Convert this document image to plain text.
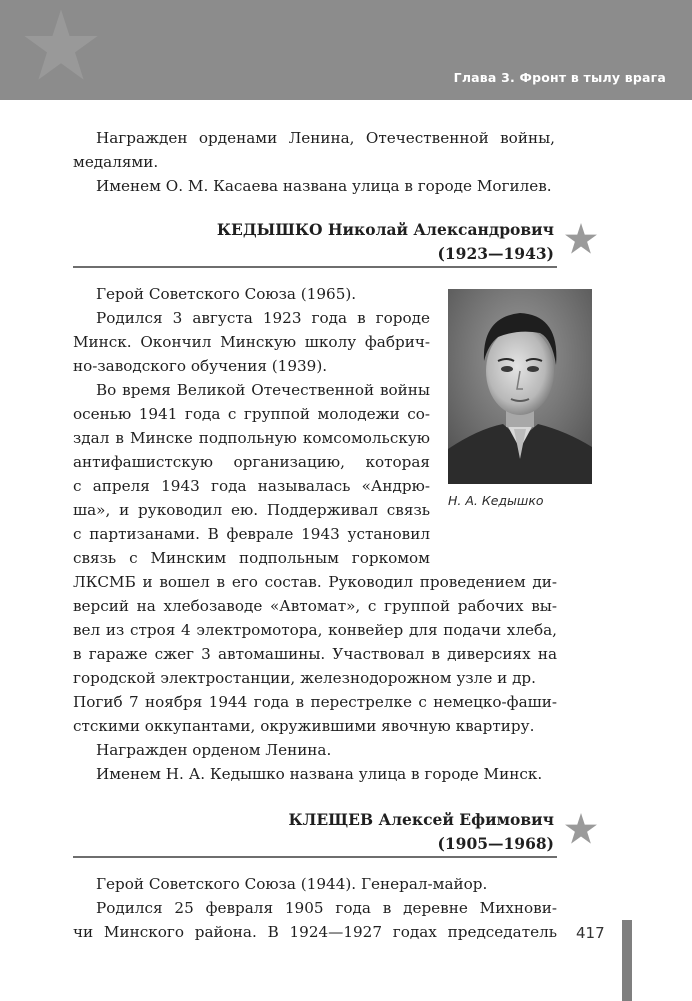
Глава 3. Фронт в тылу врага
Награжден орденами Ленина, Отечественной войны,
медалями.
Именем О. М. Касаева названа улица в городе Могилев.
КЕДЫШКО Николай Александрович
(1923—1943)
Н. А. Кедышко
Герой Советского Союза (1965).
Родился 3 августа 1923 года в городе
Минск. Окончил Минскую школу фабрич-
но-заводского обучения (1939).
Во время Великой Отечественной войны
осенью 1941 года с группой молодежи со-
здал в Минске подпольную комсомольскую
антифашистскую организацию, которая
с апреля 1943 года называлась «Андрю-
ша», и руководил ею. Поддерживал связь
с партизанами. В феврале 1943 установил
связь с Минским подпольным горкомом
ЛКСМБ и вошел в его состав. Руководил проведением ди-
версий на хлебозаводе «Автомат», с группой рабочих вы-
вел из строя 4 электромотора, конвейер для подачи хлеба,
в гараже сжег 3 автомашины. Участвовал в диверсиях на
городской электростанции, железнодорожном узле и др.
Погиб 7 ноября 1944 года в перестрелке с немецко-фаши-
стскими оккупантами, окружившими явочную квартиру.
Награжден орденом Ленина.
Именем Н. А. Кедышко названа улица в городе Минск.
КЛЕЩЕВ Алексей Ефимович
(1905—1968)
Герой Советского Союза (1944). Генерал-майор.
Родился 25 февраля 1905 года в деревне Михнови-
чи Минского района. В 1924—1927 годах председатель 417
